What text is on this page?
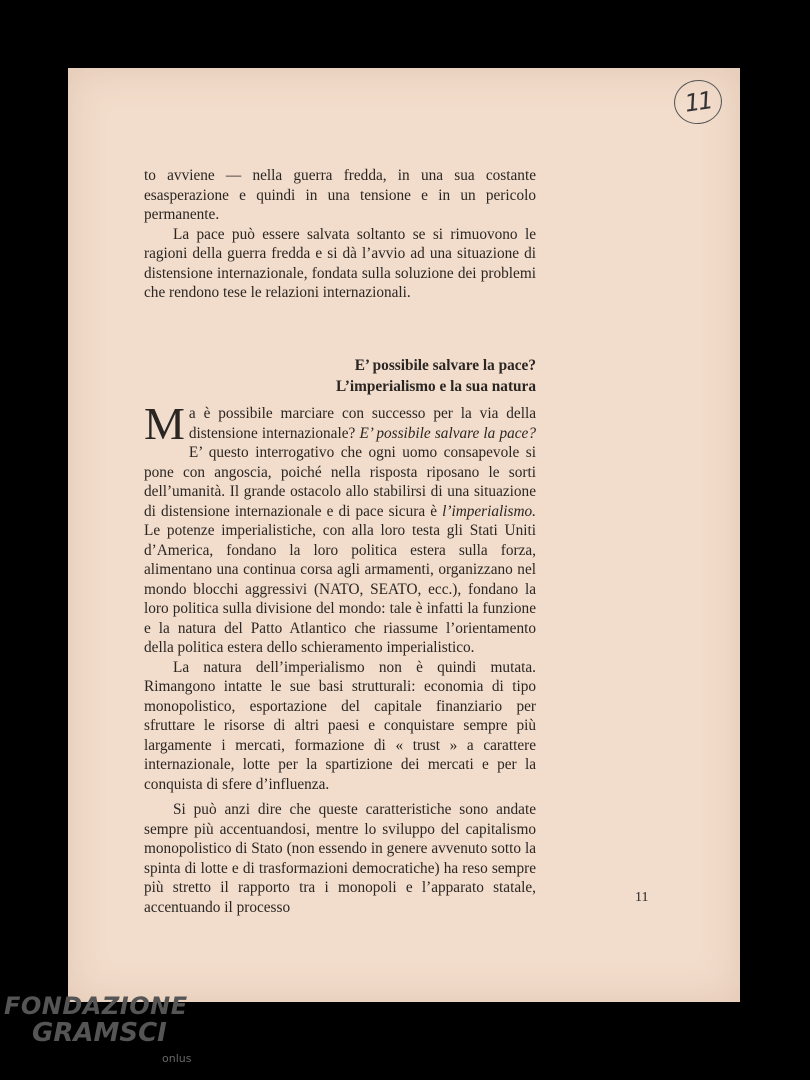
11

to avviene — nella guerra fredda, in una sua costante esasperazione e quindi in una tensione e in un pericolo permanente.

La pace può essere salvata soltanto se si rimuovono le ragioni della guerra fredda e si dà l’avvio ad una situazione di distensione internazionale, fondata sulla soluzione dei problemi che rendono tese le relazioni internazionali.

E’ possibile salvare la pace?
L’imperialismo e la sua natura

Ma è possibile marciare con successo per la via della distensione internazionale? E’ possibile salvare la pace? E’ questo interrogativo che ogni uomo consapevole si pone con angoscia, poiché nella risposta riposano le sorti dell’umanità. Il grande ostacolo allo stabilirsi di una situazione di distensione internazionale e di pace sicura è l’imperialismo. Le potenze imperialistiche, con alla loro testa gli Stati Uniti d’America, fondano la loro politica estera sulla forza, alimentano una continua corsa agli armamenti, organizzano nel mondo blocchi aggressivi (NATO, SEATO, ecc.), fondano la loro politica sulla divisione del mondo: tale è infatti la funzione e la natura del Patto Atlantico che riassume l’orientamento della politica estera dello schieramento imperialistico.

La natura dell’imperialismo non è quindi mutata. Rimangono intatte le sue basi strutturali: economia di tipo monopolistico, esportazione del capitale finanziario per sfruttare le risorse di altri paesi e conquistare sempre più largamente i mercati, formazione di « trust » a carattere internazionale, lotte per la spartizione dei mercati e per la conquista di sfere d’influenza.

Si può anzi dire che queste caratteristiche sono andate sempre più accentuandosi, mentre lo sviluppo del capitalismo monopolistico di Stato (non essendo in genere avvenuto sotto la spinta di lotte e di trasformazioni democratiche) ha reso sempre più stretto il rapporto tra i monopoli e l’apparato statale, accentuando il processo

11
FONDAZIONE
GRAMSCI
onlus
